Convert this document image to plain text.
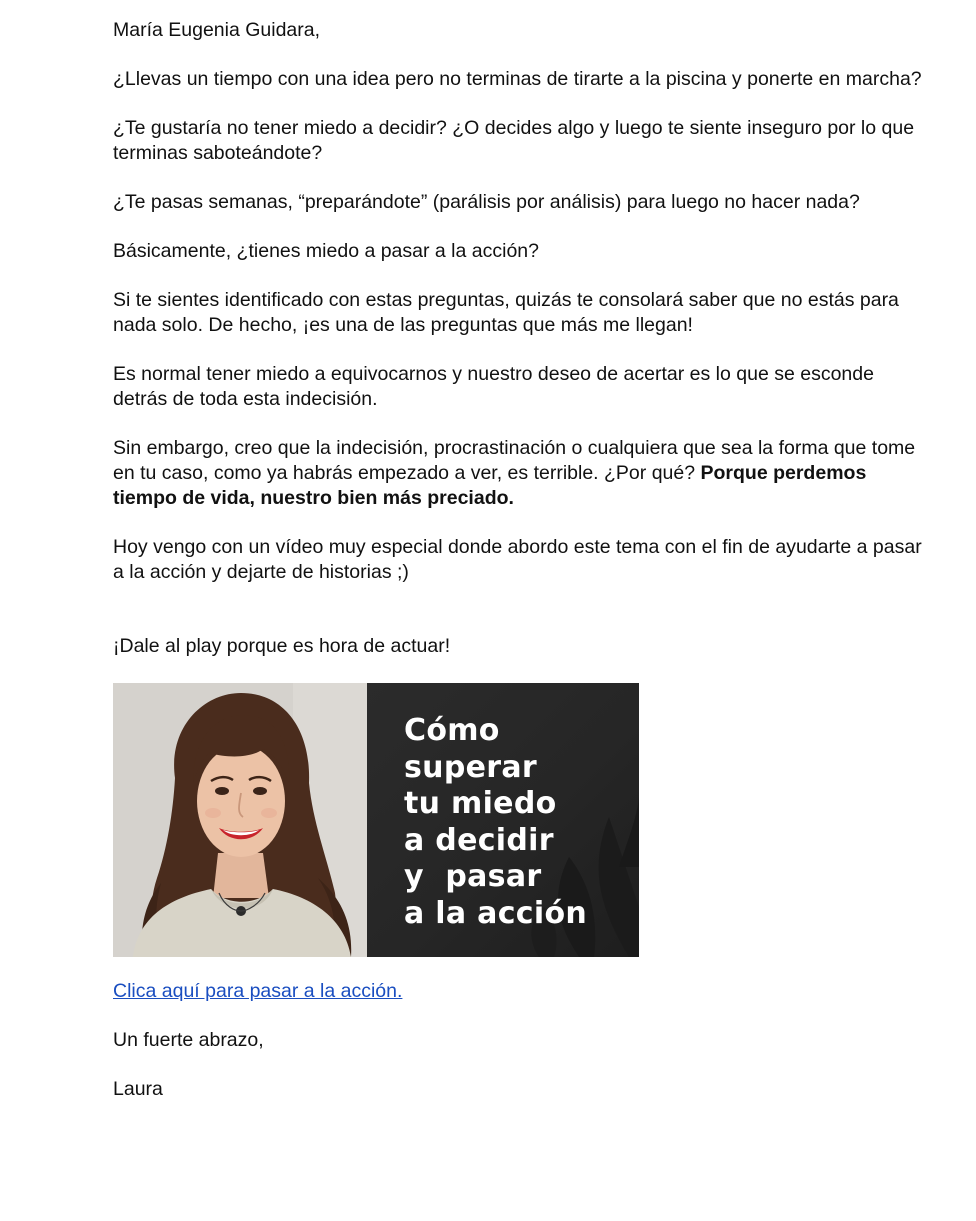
María Eugenia Guidara,

¿Llevas un tiempo con una idea pero no terminas de tirarte a la piscina y ponerte en marcha?

¿Te gustaría no tener miedo a decidir? ¿O decides algo y luego te siente inseguro por lo que terminas saboteándote?

¿Te pasas semanas, “preparándote” (parálisis por análisis) para luego no hacer nada?

Básicamente, ¿tienes miedo a pasar a la acción?

Si te sientes identificado con estas preguntas, quizás te consolará saber que no estás para nada solo. De hecho, ¡es una de las preguntas que más me llegan!

Es normal tener miedo a equivocarnos y nuestro deseo de acertar es lo que se esconde detrás de toda esta indecisión.

Sin embargo, creo que la indecisión, procrastinación o cualquiera que sea la forma que tome en tu caso, como ya habrás empezado a ver, es terrible. ¿Por qué? Porque perdemos tiempo de vida, nuestro bien más preciado.

Hoy vengo con un vídeo muy especial donde abordo este tema con el fin de ayudarte a pasar a la acción y dejarte de historias ;)

¡Dale al play porque es hora de actuar!

Cómo
superar
tu miedo
a decidir
y  pasar
a la acción

Clica aquí para pasar a la acción.

Un fuerte abrazo,

Laura
